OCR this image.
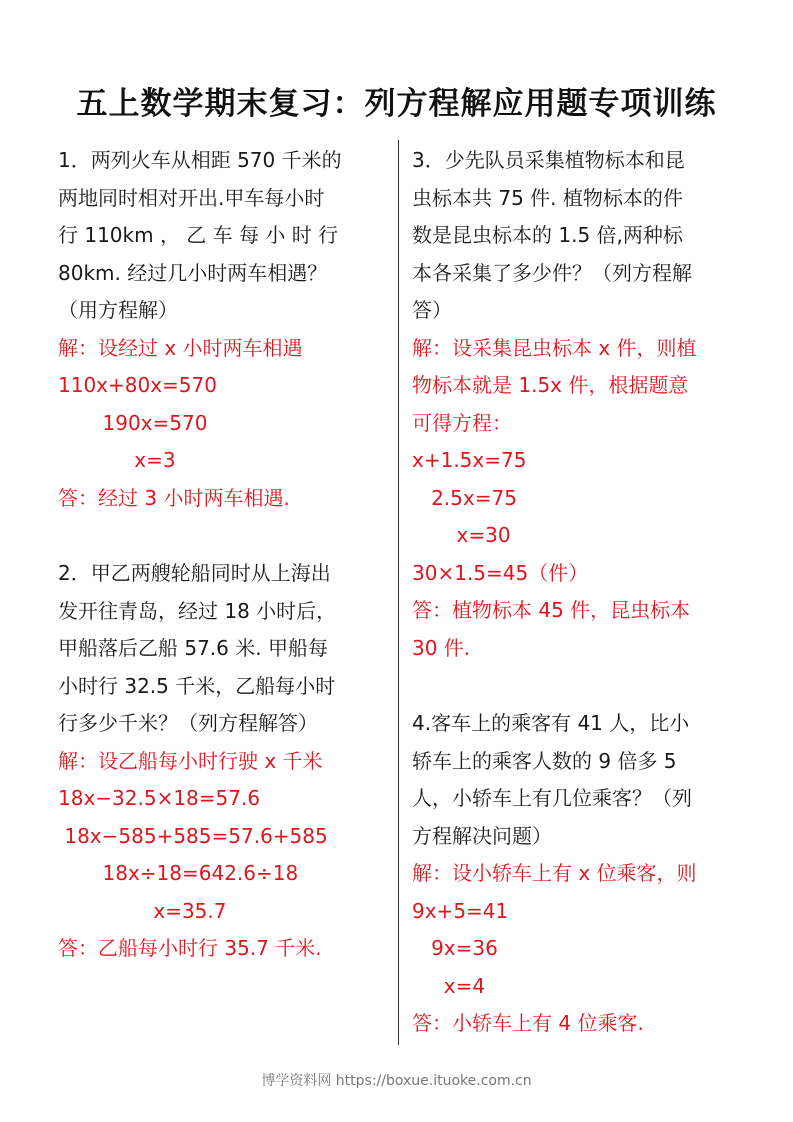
五上数学期末复习：列方程解应用题专项训练
1．两列火车从相距 570 千米的
两地同时相对开出.甲车每小时
行 110km ， 乙 车 每 小 时 行
80km. 经过几小时两车相遇？
（用方程解）
解：设经过 x 小时两车相遇
110x+80x=570
190x=570
x=3
答：经过 3 小时两车相遇.
2．甲乙两艘轮船同时从上海出
发开往青岛，经过 18 小时后，
甲船落后乙船 57.6 米. 甲船每
小时行 32.5 千米，乙船每小时
行多少千米？（列方程解答）
解：设乙船每小时行驶 x 千米
18x−32.5×18=57.6
18x−585+585=57.6+585
18x÷18=642.6÷18
x=35.7
答：乙船每小时行 35.7 千米.
3．少先队员采集植物标本和昆
虫标本共 75 件. 植物标本的件
数是昆虫标本的 1.5 倍,两种标
本各采集了多少件？（列方程解
答）
解：设采集昆虫标本 x 件，则植
物标本就是 1.5x 件，根据题意
可得方程：
x+1.5x=75
2.5x=75
x=30
30×1.5=45（件）
答：植物标本 45 件，昆虫标本
30 件.
4.客车上的乘客有 41 人，比小
轿车上的乘客人数的 9 倍多 5
人，小轿车上有几位乘客？（列
方程解决问题）
解：设小轿车上有 x 位乘客，则
9x+5=41
9x=36
x=4
答：小轿车上有 4 位乘客.
博学资料网 https://boxue.ituoke.com.cn
